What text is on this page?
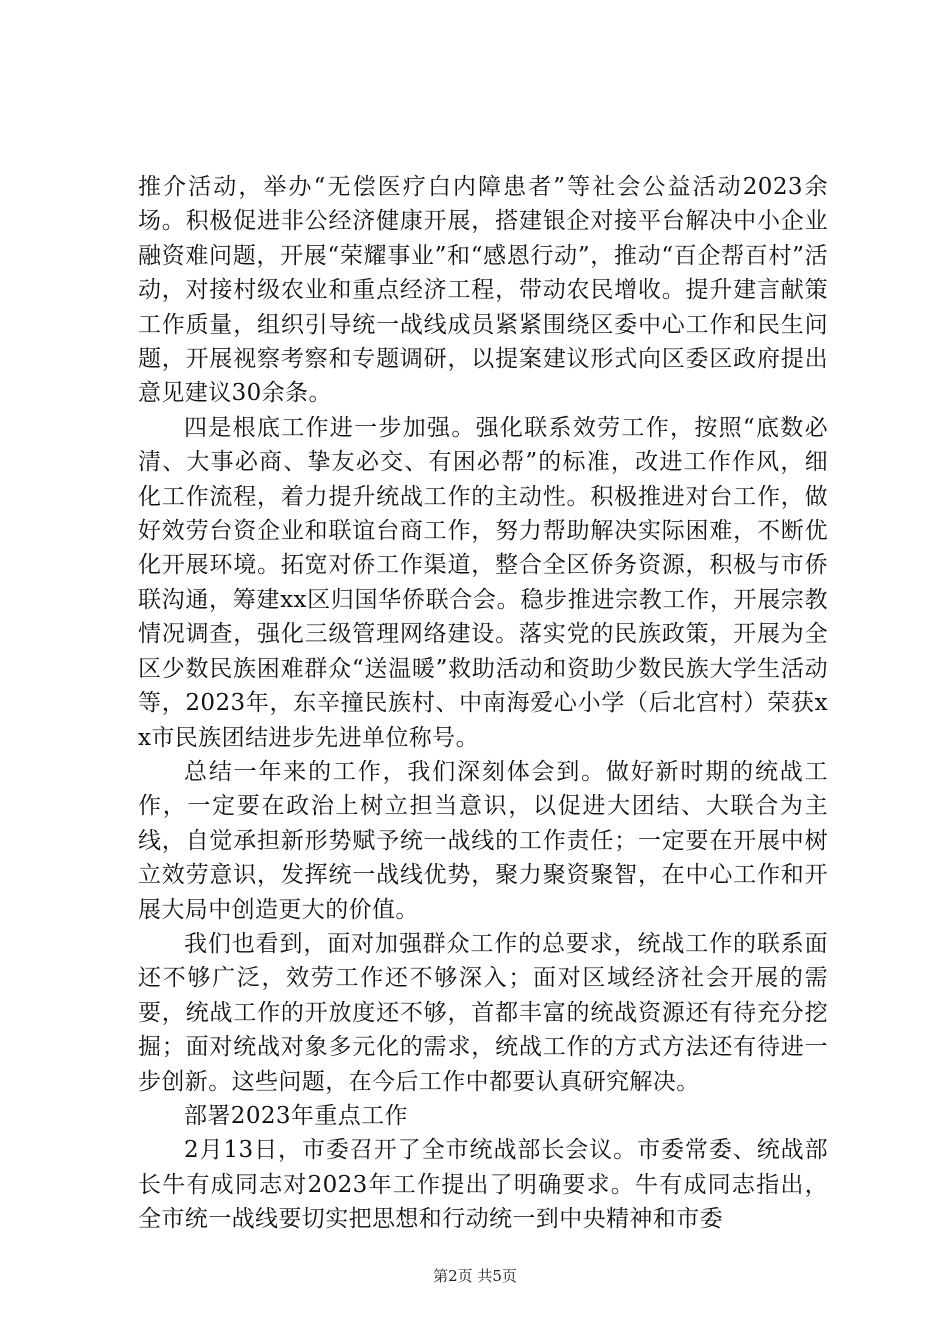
推介活动，举办“无偿医疗白内障患者”等社会公益活动2023余场。积极促进非公经济健康开展，搭建银企对接平台解决中小企业融资难问题，开展“荣耀事业”和“感恩行动”，推动“百企帮百村”活动，对接村级农业和重点经济工程，带动农民增收。提升建言献策工作质量，组织引导统一战线成员紧紧围绕区委中心工作和民生问题，开展视察考察和专题调研，以提案建议形式向区委区政府提出意见建议30余条。

四是根底工作进一步加强。强化联系效劳工作，按照“底数必清、大事必商、挚友必交、有困必帮”的标准，改进工作作风，细化工作流程，着力提升统战工作的主动性。积极推进对台工作，做好效劳台资企业和联谊台商工作，努力帮助解决实际困难，不断优化开展环境。拓宽对侨工作渠道，整合全区侨务资源，积极与市侨联沟通，筹建xx区归国华侨联合会。稳步推进宗教工作，开展宗教情况调查，强化三级管理网络建设。落实党的民族政策，开展为全区少数民族困难群众“送温暖”救助活动和资助少数民族大学生活动等，2023年，东辛撞民族村、中南海爱心小学（后北宫村）荣获xx市民族团结进步先进单位称号。

总结一年来的工作，我们深刻体会到。做好新时期的统战工作，一定要在政治上树立担当意识，以促进大团结、大联合为主线，自觉承担新形势赋予统一战线的工作责任；一定要在开展中树立效劳意识，发挥统一战线优势，聚力聚资聚智，在中心工作和开展大局中创造更大的价值。

我们也看到，面对加强群众工作的总要求，统战工作的联系面还不够广泛，效劳工作还不够深入；面对区域经济社会开展的需要，统战工作的开放度还不够，首都丰富的统战资源还有待充分挖掘；面对统战对象多元化的需求，统战工作的方式方法还有待进一步创新。这些问题，在今后工作中都要认真研究解决。

部署2023年重点工作

2月13日，市委召开了全市统战部长会议。市委常委、统战部长牛有成同志对2023年工作提出了明确要求。牛有成同志指出，全市统一战线要切实把思想和行动统一到中央精神和市委

第2页 共5页
